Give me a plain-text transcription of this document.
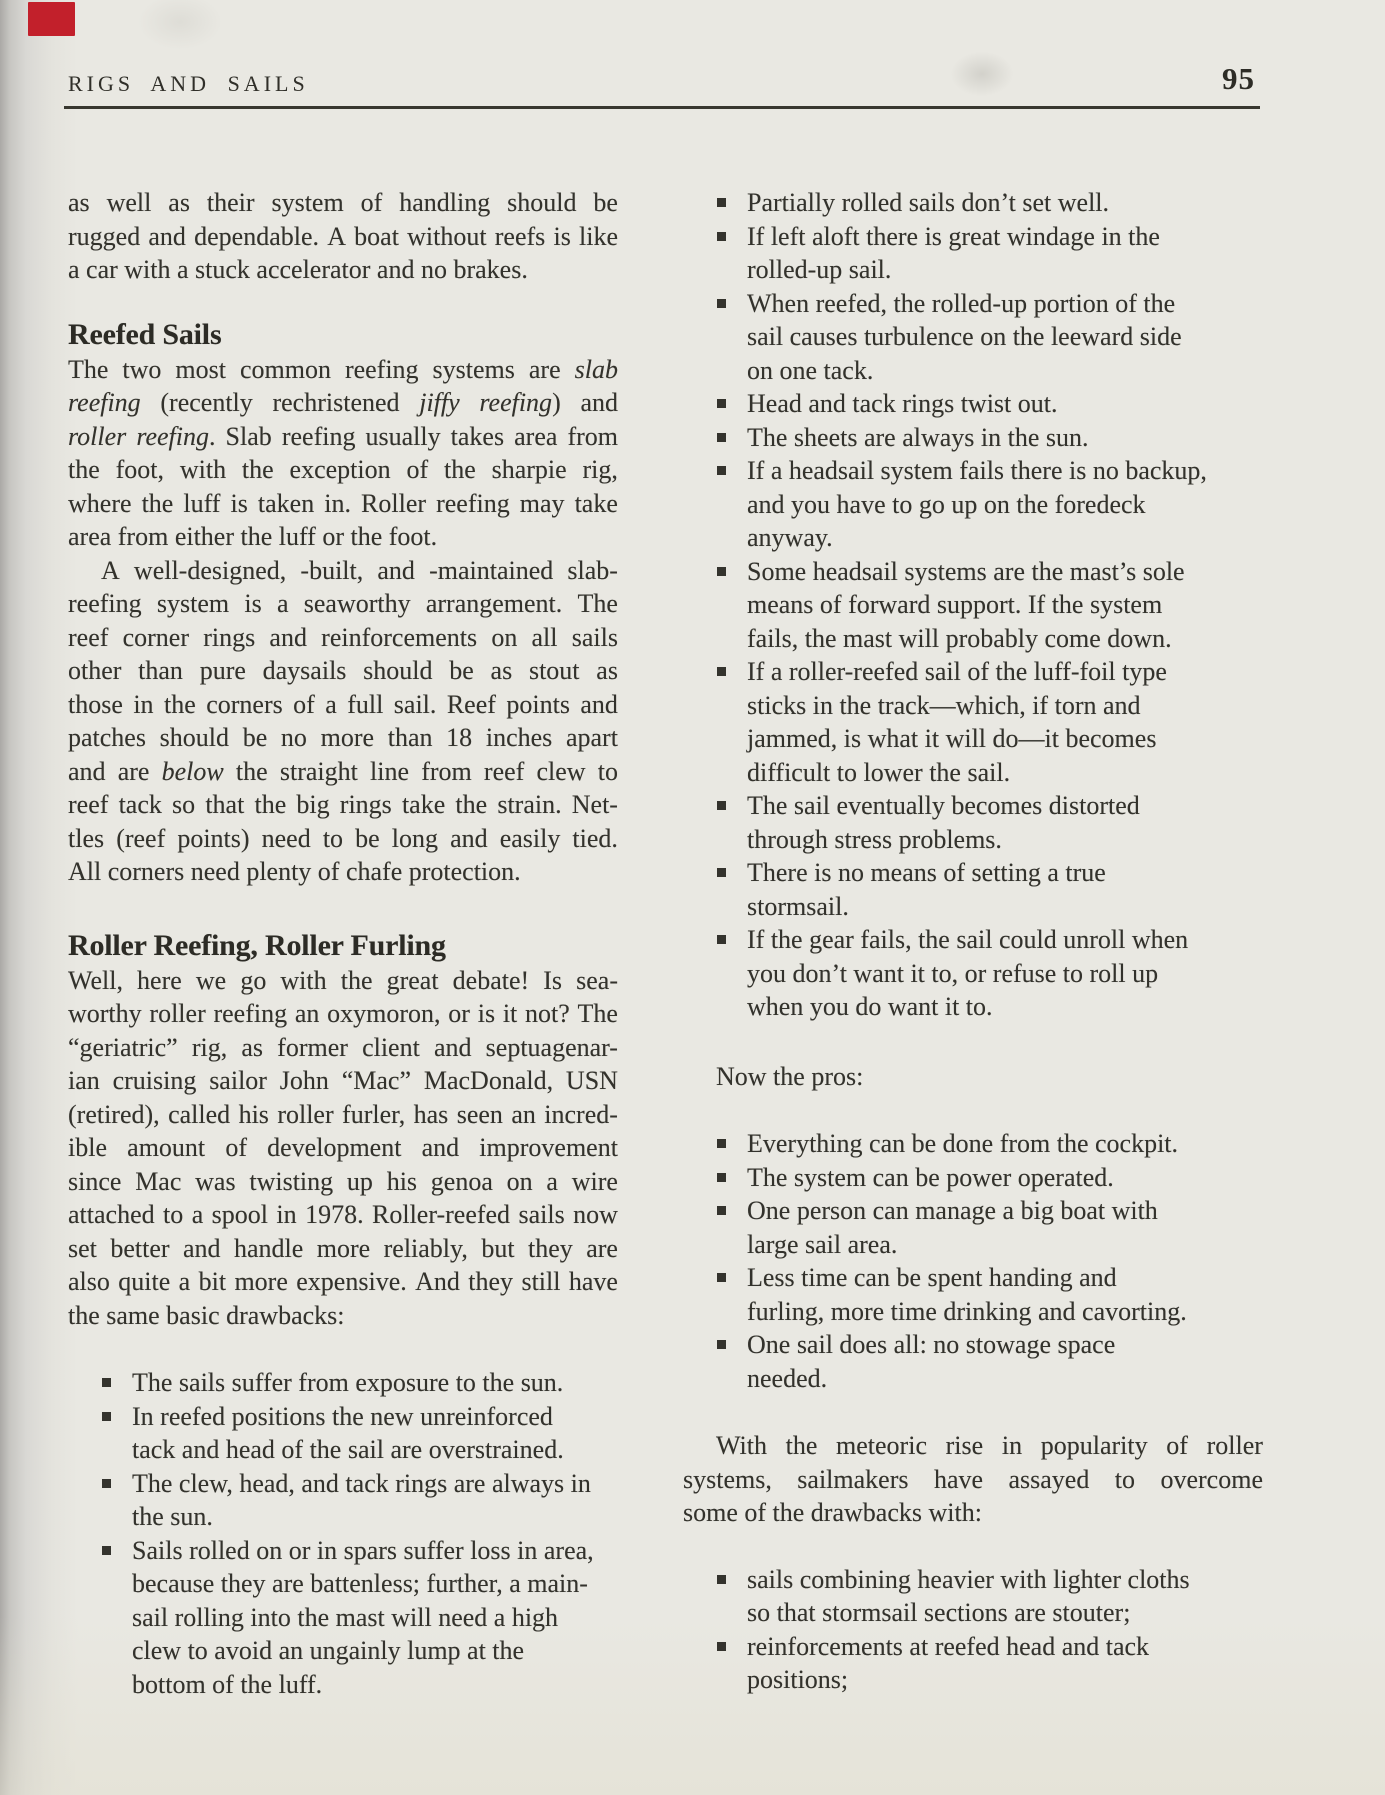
RIGS AND SAILS	95
as well as their system of handling should be
rugged and dependable. A boat without reefs is like
a car with a stuck accelerator and no brakes.
Reefed Sails
The two most common reefing systems are slab
reefing (recently rechristened jiffy reefing) and
roller reefing. Slab reefing usually takes area from
the foot, with the exception of the sharpie rig,
where the luff is taken in. Roller reefing may take
area from either the luff or the foot.
A well-designed, -built, and -maintained slab-
reefing system is a seaworthy arrangement. The
reef corner rings and reinforcements on all sails
other than pure daysails should be as stout as
those in the corners of a full sail. Reef points and
patches should be no more than 18 inches apart
and are below the straight line from reef clew to
reef tack so that the big rings take the strain. Net-
tles (reef points) need to be long and easily tied.
All corners need plenty of chafe protection.
Roller Reefing, Roller Furling
Well, here we go with the great debate! Is sea-
worthy roller reefing an oxymoron, or is it not? The
“geriatric” rig, as former client and septuagenar-
ian cruising sailor John “Mac” MacDonald, USN
(retired), called his roller furler, has seen an incred-
ible amount of development and improvement
since Mac was twisting up his genoa on a wire
attached to a spool in 1978. Roller-reefed sails now
set better and handle more reliably, but they are
also quite a bit more expensive. And they still have
the same basic drawbacks:
The sails suffer from exposure to the sun.
In reefed positions the new unreinforced
tack and head of the sail are overstrained.
The clew, head, and tack rings are always in
the sun.
Sails rolled on or in spars suffer loss in area,
because they are battenless; further, a main-
sail rolling into the mast will need a high
clew to avoid an ungainly lump at the
bottom of the luff.
Partially rolled sails don’t set well.
If left aloft there is great windage in the
rolled-up sail.
When reefed, the rolled-up portion of the
sail causes turbulence on the leeward side
on one tack.
Head and tack rings twist out.
The sheets are always in the sun.
If a headsail system fails there is no backup,
and you have to go up on the foredeck
anyway.
Some headsail systems are the mast’s sole
means of forward support. If the system
fails, the mast will probably come down.
If a roller-reefed sail of the luff-foil type
sticks in the track—which, if torn and
jammed, is what it will do—it becomes
difficult to lower the sail.
The sail eventually becomes distorted
through stress problems.
There is no means of setting a true
stormsail.
If the gear fails, the sail could unroll when
you don’t want it to, or refuse to roll up
when you do want it to.
Now the pros:
Everything can be done from the cockpit.
The system can be power operated.
One person can manage a big boat with
large sail area.
Less time can be spent handing and
furling, more time drinking and cavorting.
One sail does all: no stowage space
needed.
With the meteoric rise in popularity of roller
systems, sailmakers have assayed to overcome
some of the drawbacks with:
sails combining heavier with lighter cloths
so that stormsail sections are stouter;
reinforcements at reefed head and tack
positions;
